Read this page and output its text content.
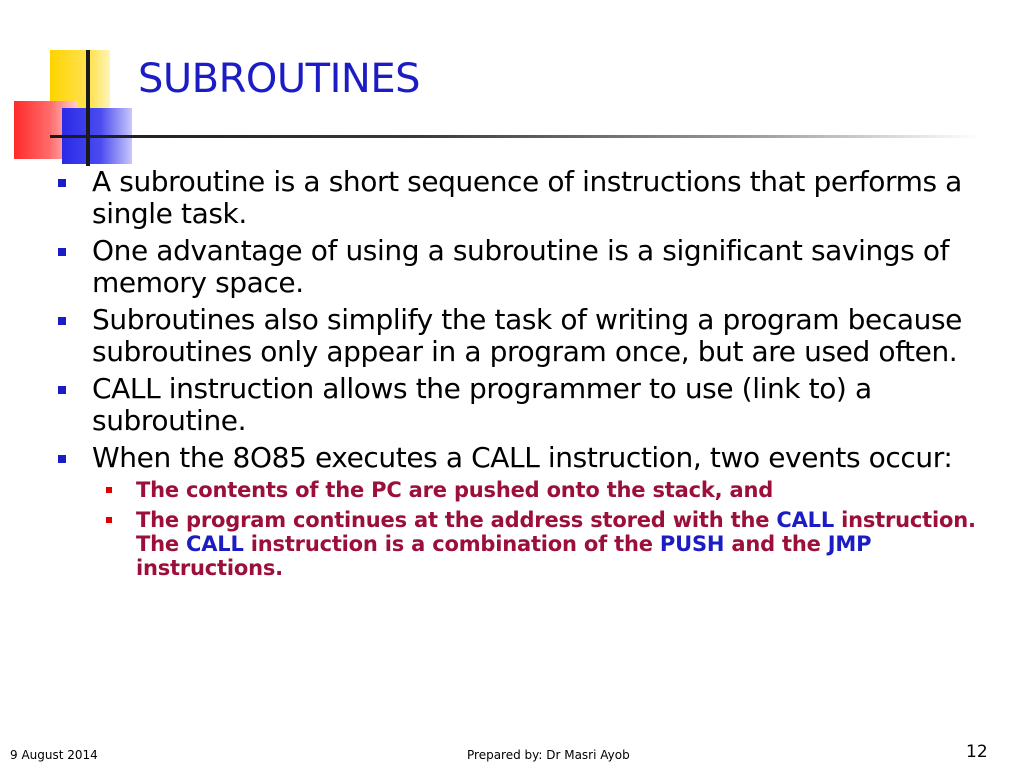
SUBROUTINES
A subroutine is a short sequence of instructions that performs a single task.
One advantage of using a subroutine is a significant savings of memory space.
Subroutines also simplify the task of writing a program because subroutines only appear in a program once, but are used often.
CALL instruction allows the programmer to use (link to) a subroutine.
When the 8O85 executes a CALL instruction, two events occur:
The contents of the PC are pushed onto the stack, and
The program continues at the address stored with the CALL instruction. The CALL instruction is a combination of the PUSH and the JMP instructions.
9 August 2014	Prepared by: Dr Masri Ayob	12
